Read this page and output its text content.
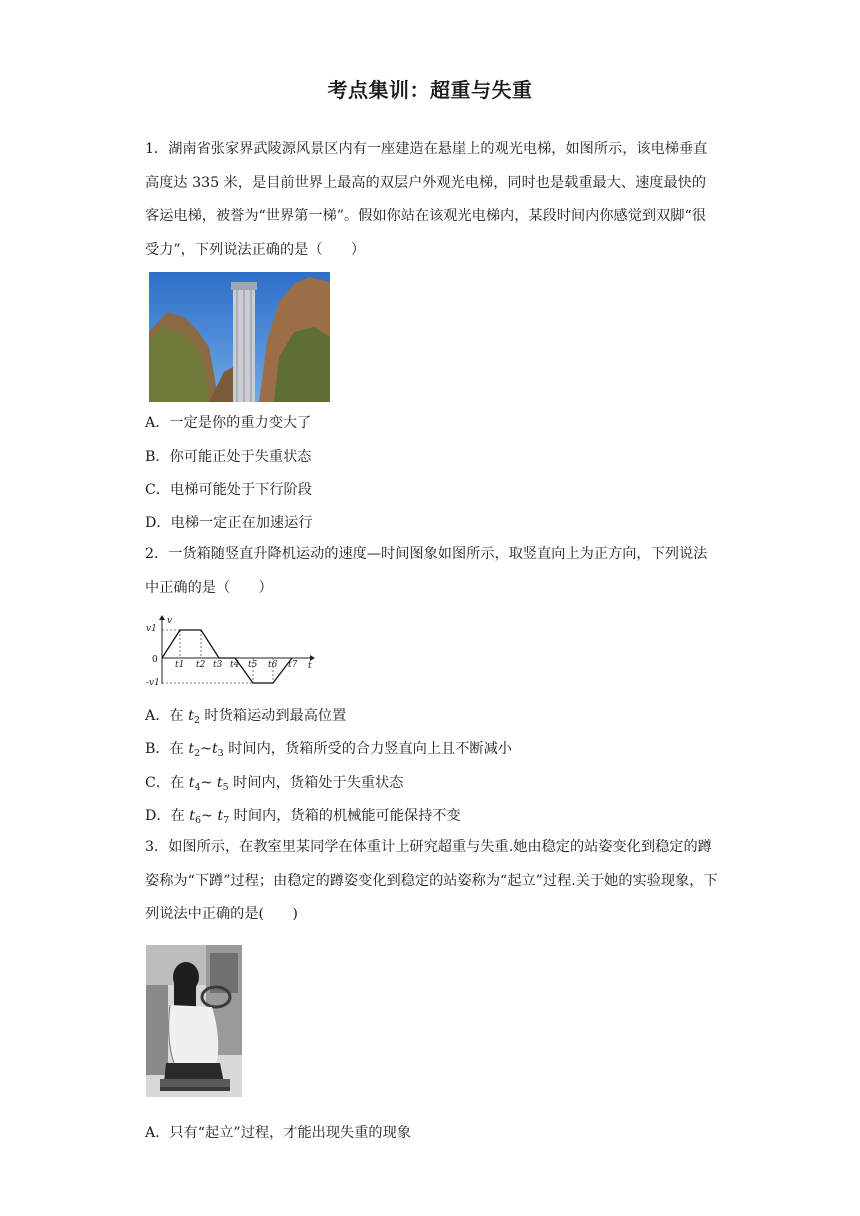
考点集训：超重与失重
1．湖南省张家界武陵源风景区内有一座建造在悬崖上的观光电梯，如图所示，该电梯垂直高度达 335 米，是目前世界上最高的双层户外观光电梯，同时也是载重最大、速度最快的客运电梯，被誉为“世界第一梯”。假如你站在该观光电梯内，某段时间内你感觉到双脚“很受力”，下列说法正确的是（　　）
A．一定是你的重力变大了
B．你可能正处于失重状态
C．电梯可能处于下行阶段
D．电梯一定正在加速运行
2．一货箱随竖直升降机运动的速度—时间图象如图所示，取竖直向上为正方向，下列说法中正确的是（　　）
v
v1
0
-v1
t
t1 t2 t3 t4 t5 t6 t7
A．在 $t_2$ 时货箱运动到最高位置
B．在 $t_2\sim t_3$ 时间内，货箱所受的合力竖直向上且不断减小
C．在 $t_4\sim$ $t_5$ 时间内，货箱处于失重状态
D．在 $t_6\sim$ $t_7$ 时间内，货箱的机械能可能保持不变
3．如图所示，在教室里某同学在体重计上研究超重与失重.她由稳定的站姿变化到稳定的蹲姿称为“下蹲”过程；由稳定的蹲姿变化到稳定的站姿称为“起立”过程.关于她的实验现象，下列说法中正确的是(　　)
A．只有“起立”过程，才能出现失重的现象
